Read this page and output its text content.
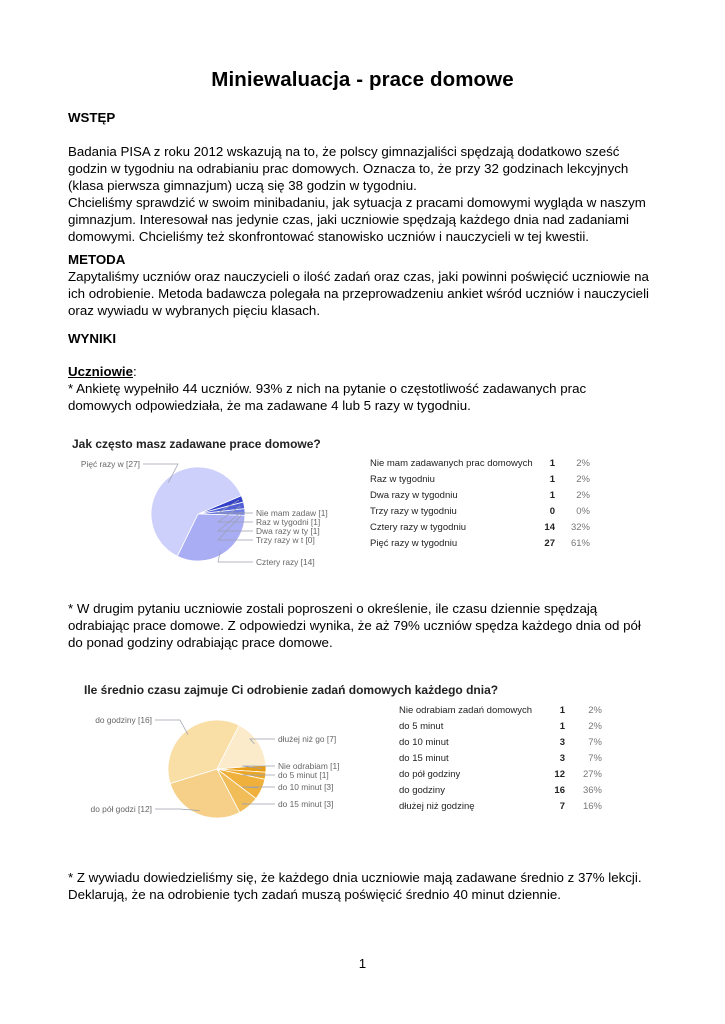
Miniewaluacja - prace domowe

WSTĘP

Badania PISA z roku 2012 wskazują na to, że polscy gimnazjaliści spędzają dodatkowo sześć

godzin w tygodniu na odrabianiu prac domowych. Oznacza to, że przy 32 godzinach lekcyjnych

(klasa pierwsza gimnazjum) uczą się 38 godzin w tygodniu.

Chcieliśmy sprawdzić w swoim minibadaniu, jak sytuacja z pracami domowymi wygląda w naszym

gimnazjum. Interesował nas jedynie czas, jaki uczniowie spędzają każdego dnia nad zadaniami

domowymi. Chcieliśmy też skonfrontować stanowisko uczniów i nauczycieli w tej kwestii.

METODA

Zapytaliśmy uczniów oraz nauczycieli o ilość zadań oraz czas, jaki powinni poświęcić uczniowie na

ich odrobienie. Metoda badawcza polegała na przeprowadzeniu ankiet wśród uczniów i nauczycieli

oraz wywiadu w wybranych pięciu klasach.

WYNIKI

Uczniowie:

* Ankietę wypełniło 44 uczniów. 93% z nich na pytanie o częstotliwość zadawanych prac

domowych odpowiedziała, że ma zadawane 4 lub 5 razy w tygodniu.

Jak często masz zadawane prace domowe?
Nie mam zadaw [1]
Raz w tygodni [1]
Dwa razy w ty [1]
Trzy razy w t [0]
Cztery razy [14]
Pięć razy w [27]	Nie mam zadawanych prac domowych	1	2%
Raz w tygodniu	1	2%
Dwa razy w tygodniu	1	2%
Trzy razy w tygodniu	0	0%
Cztery razy w tygodniu	14	32%
Pięć razy w tygodniu	27	61%

* W drugim pytaniu uczniowie zostali poproszeni o określenie, ile czasu dziennie spędzają

odrabiając prace domowe. Z odpowiedzi wynika, że aż 79% uczniów spędza każdego dnia od pół

do ponad godziny odrabiając prace domowe.

Ile średnio czasu zajmuje Ci odrobienie zadań domowych każdego dnia?
Nie odrabiam [1]
do 5 minut [1]
do 10 minut [3]
do 15 minut [3]
do pół godzi [12]
do godziny [16]
dłużej niż go [7]
Nie odrabiam zadań domowych	1	2%
do 5 minut	1	2%
do 10 minut	3	7%
do 15 minut	3	7%
do pół godziny	12	27%
do godziny	16	36%
dłużej niż godzinę	7	16%

* Z wywiadu dowiedzieliśmy się, że każdego dnia uczniowie mają zadawane średnio z 37% lekcji.

Deklarują, że na odrobienie tych zadań muszą poświęcić średnio 40 minut dziennie.

1
